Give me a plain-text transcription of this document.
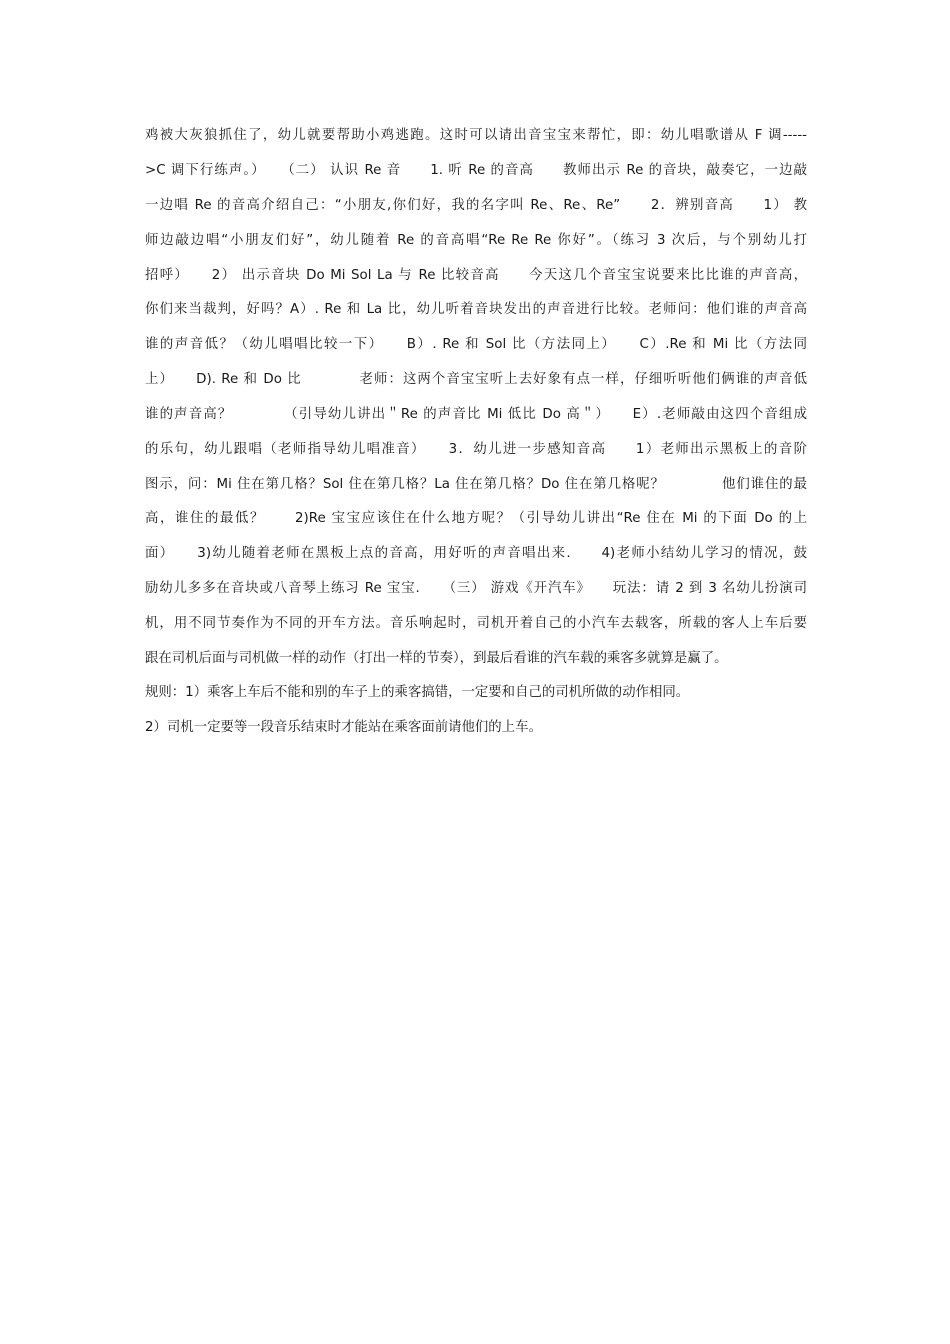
鸡被大灰狼抓住了，幼儿就要帮助小鸡逃跑。这时可以请出音宝宝来帮忙，即：幼儿唱歌谱从 F 调-----
>C 调下行练声。）　　（二） 认识 Re 音　　1. 听 Re 的音高　　教师出示 Re 的音块，敲奏它，一边敲
一边唱 Re 的音高介绍自己：“小朋友,你们好，我的名字叫 Re、Re、Re”　　2．辨别音高　　1） 教
师边敲边唱“小朋友们好”，幼儿随着 Re 的音高唱“Re Re Re 你好”。（练习 3 次后，与个别幼儿打
招呼）　　2） 出示音块 Do Mi Sol La 与 Re 比较音高　　今天这几个音宝宝说要来比比谁的声音高，
你们来当裁判，好吗？A）. Re 和 La 比，幼儿听着音块发出的声音进行比较。老师问：他们谁的声音高
谁的声音低？（幼儿唱唱比较一下）　　B）. Re 和 Sol 比（方法同上）　　C）.Re 和 Mi 比（方法同
上）　　D). Re 和 Do 比　　　　老师：这两个音宝宝听上去好象有点一样，仔细听听他们俩谁的声音低
谁的声音高？　　　　（引导幼儿讲出＂Re 的声音比 Mi 低比 Do 高＂）　　E）.老师敲由这四个音组成
的乐句，幼儿跟唱（老师指导幼儿唱准音）　　3．幼儿进一步感知音高　　1）老师出示黑板上的音阶
图示，问：Mi 住在第几格？Sol 住在第几格？La 住在第几格？Do 住在第几格呢？　　　　他们谁住的最
高，谁住的最低？　　2)Re 宝宝应该住在什么地方呢？（引导幼儿讲出“Re 住在 Mi 的下面 Do 的上
面）　　3)幼儿随着老师在黑板上点的音高，用好听的声音唱出来.　　4)老师小结幼儿学习的情况，鼓
励幼儿多多在音块或八音琴上练习 Re 宝宝.　　（三） 游戏《开汽车》　　玩法：请 2 到 3 名幼儿扮演司
机，用不同节奏作为不同的开车方法。音乐响起时，司机开着自己的小汽车去载客，所载的客人上车后要
跟在司机后面与司机做一样的动作（打出一样的节奏），到最后看谁的汽车载的乘客多就算是赢了。
规则：1）乘客上车后不能和别的车子上的乘客搞错，一定要和自己的司机所做的动作相同。
2）司机一定要等一段音乐结束时才能站在乘客面前请他们的上车。
